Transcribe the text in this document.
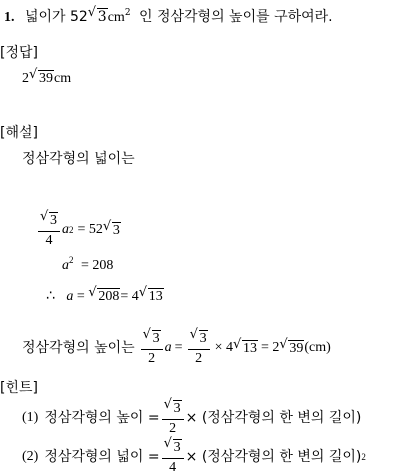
1. 넓이가 52 √ $3cm^2$ 인 정삼각형의 높이를 구하여라.
[정답]
2 √ 39cm
[해설]
정삼각형의 넓이는
√ $\frac{3}{4}$ a 2 = 52 √ 3
$a^2 = 208$
∴ a = √ 208= 4 √ 13
정삼각형의 높이는 √ $\frac{3}{2}$ a = √ $\frac{3}{2} \times 4$ √ 13 = 2 √ 39 (cm)
[힌트]
(1) 정삼각형의 높이 = √ $\frac{3}{2}$ × (정삼각형의 한 변의 길이)
(2) 정삼각형의 넓이 = √ $\frac{3}{4}$ × (정삼각형의 한 변의 길이) 2
